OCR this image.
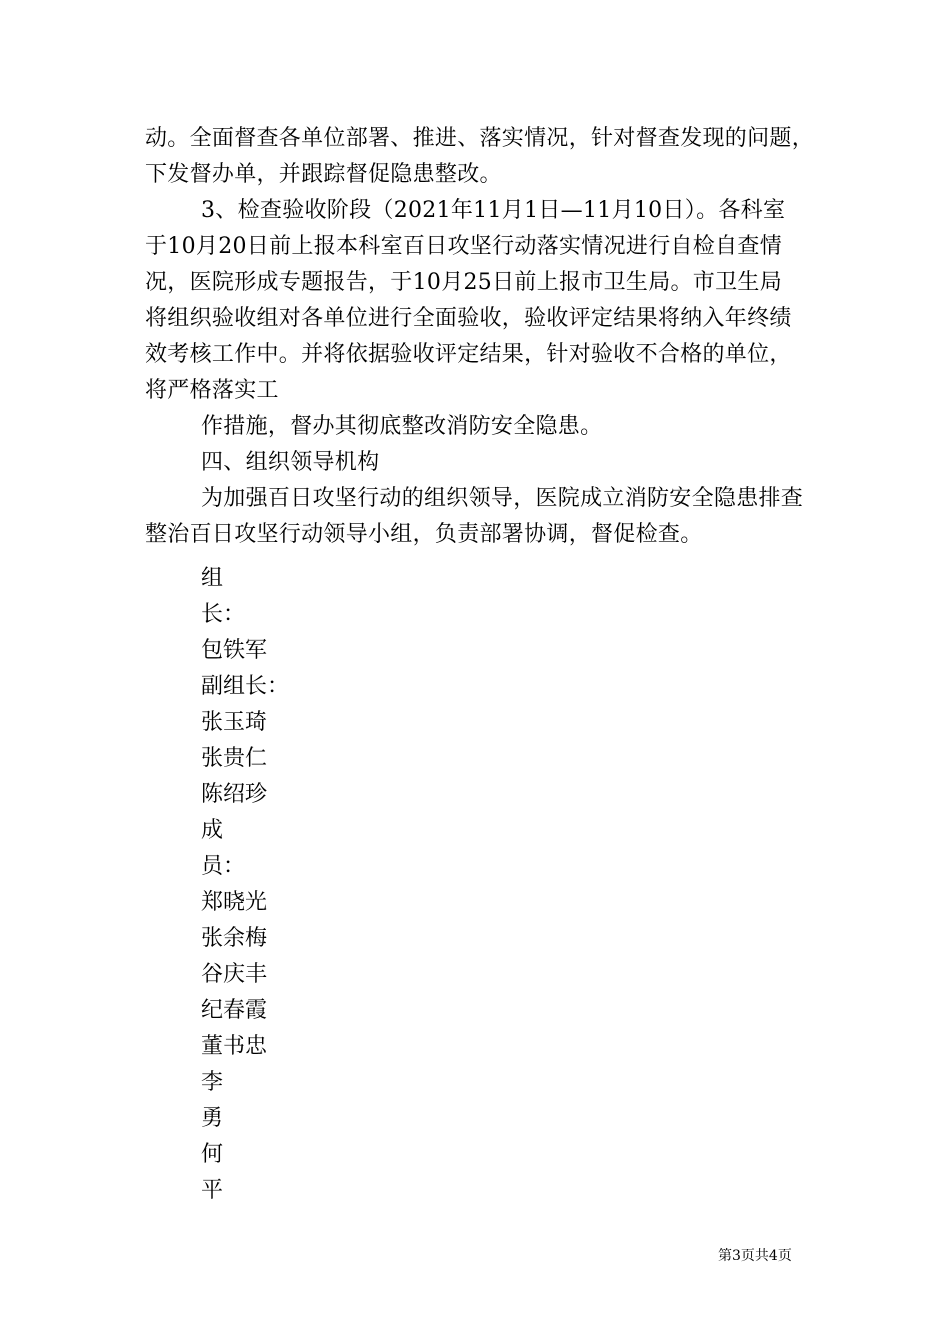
动。全面督查各单位部署、推进、落实情况，针对督查发现的问题，
下发督办单，并跟踪督促隐患整改。
3、检查验收阶段（2021年11月1日—11月10日）。各科室
于10月20日前上报本科室百日攻坚行动落实情况进行自检自查情
况，医院形成专题报告，于10月25日前上报市卫生局。市卫生局
将组织验收组对各单位进行全面验收，验收评定结果将纳入年终绩
效考核工作中。并将依据验收评定结果，针对验收不合格的单位，
将严格落实工
作措施，督办其彻底整改消防安全隐患。
四、组织领导机构
为加强百日攻坚行动的组织领导，医院成立消防安全隐患排查
整治百日攻坚行动领导小组，负责部署协调，督促检查。
组
长：
包铁军
副组长：
张玉琦
张贵仁
陈绍珍
成
员：
郑晓光
张余梅
谷庆丰
纪春霞
董书忠
李
勇
何
平
第3页共4页
